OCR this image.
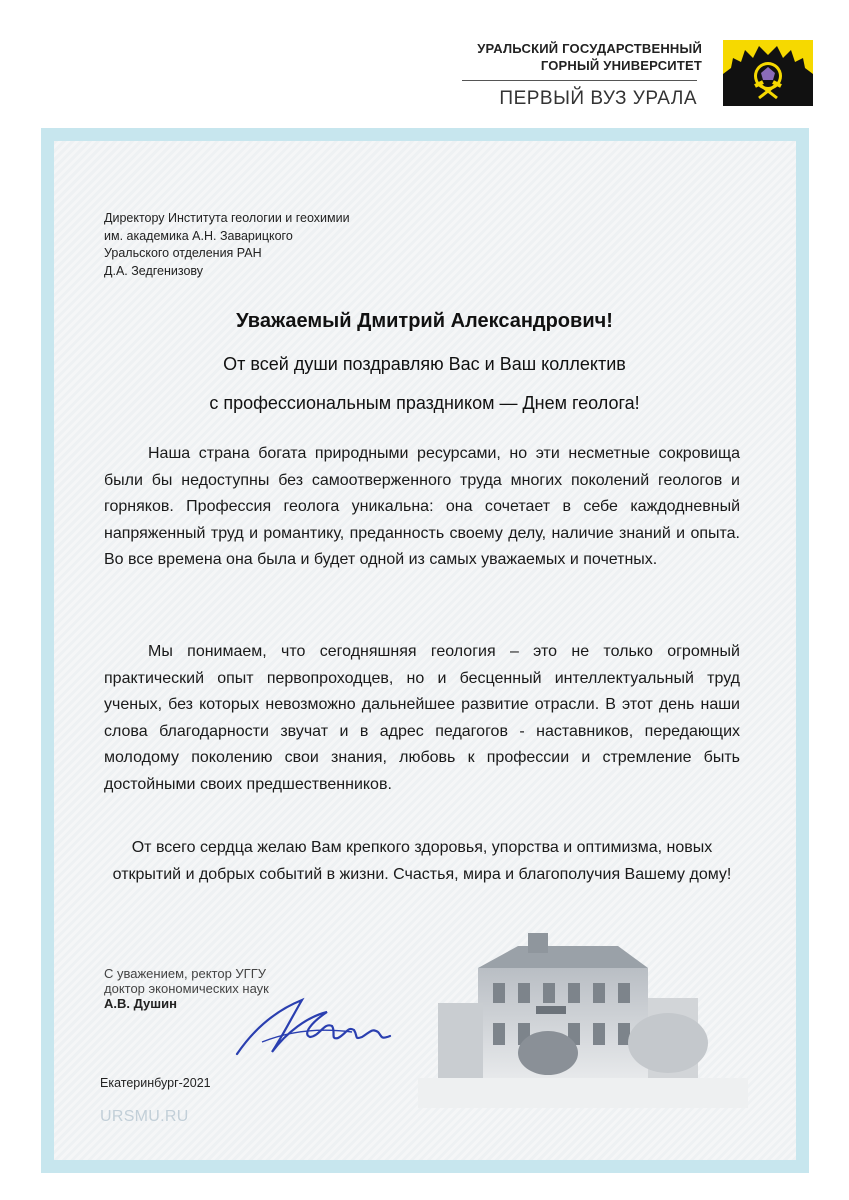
УРАЛЬСКИЙ ГОСУДАРСТВЕННЫЙ
ГОРНЫЙ УНИВЕРСИТЕТ
ПЕРВЫЙ ВУЗ УРАЛА
Директору Института геологии и геохимии
им. академика А.Н. Заварицкого
Уральского отделения РАН
Д.А. Зедгенизову
Уважаемый Дмитрий Александрович!
От всей души поздравляю Вас и Ваш коллектив
с профессиональным праздником — Днем геолога!
Наша страна богата природными ресурсами, но эти несметные сокровища были бы недоступны без самоотверженного труда многих поколений геологов и горняков. Профессия геолога уникальна: она сочетает в себе каждодневный напряженный труд и романтику, преданность своему делу, наличие знаний и опыта. Во все времена она была и будет одной из самых уважаемых и почетных.
Мы понимаем, что сегодняшняя геология – это не только огромный практический опыт первопроходцев, но и бесценный интеллектуальный труд ученых, без которых невозможно дальнейшее развитие отрасли. В этот день наши слова благодарности звучат и в адрес педагогов - наставников, передающих молодому поколению свои знания, любовь к профессии и стремление быть достойными своих предшественников.
От всего сердца желаю Вам крепкого здоровья, упорства и оптимизма, новых открытий и добрых событий в жизни. Счастья, мира и благополучия Вашему дому!
С уважением, ректор УГГУ
доктор экономических наук
А.В. Душин
Екатеринбург-2021
URSMU.RU
